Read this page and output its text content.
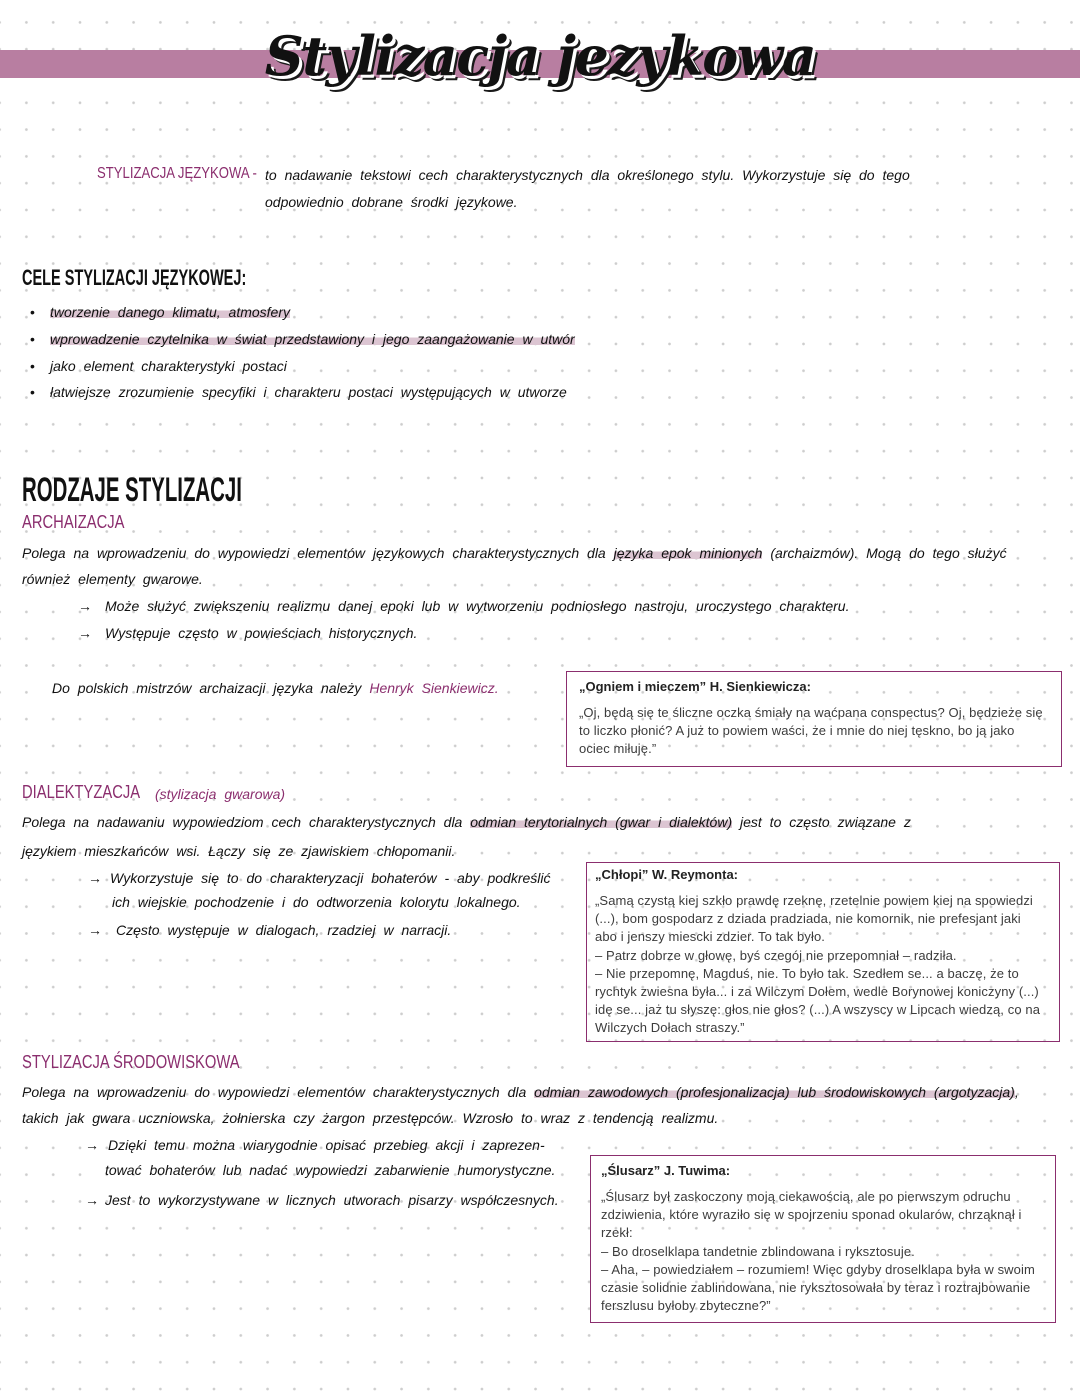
Stylizacja jezykowa
STYLIZACJA JĘZYKOWA - to nadawanie tekstowi cech charakterystycznych dla określonego stylu. Wykorzystuje się do tego
odpowiednio dobrane środki językowe.
CELE STYLIZACJI JĘZYKOWEJ:
• tworzenie danego klimatu, atmosfery
• wprowadzenie czytelnika w świat przedstawiony i jego zaangażowanie w utwór
• jako element charakterystyki postaci
• łatwiejsze zrozumienie specyfiki i charakteru postaci występujących w utworze
RODZAJE STYLIZACJI
ARCHAIZACJA
Polega na wprowadzeniu do wypowiedzi elementów językowych charakterystycznych dla języka epok minionych (archaizmów). Mogą do tego służyć
również elementy gwarowe.
→ Może służyć zwiększeniu realizmu danej epoki lub w wytworzeniu podniosłego nastroju, uroczystego charakteru.
→ Występuje często w powieściach historycznych.
Do polskich mistrzów archaizacji języka należy Henryk Sienkiewicz.	„Ogniem i mieczem” H. Sienkiewicza:
„Oj, będą się te śliczne oczka śmiały na waćpana conspectus? Oj, będzieże się
to liczko płonić? A już to powiem waści, że i mnie do niej tęskno, bo ją jako
ociec miłuję.”
DIALEKTYZACJA (stylizacja gwarowa)
Polega na nadawaniu wypowiedziom cech charakterystycznych dla odmian terytorialnych (gwar i dialektów) jest to często związane z
językiem mieszkańców wsi. Łączy się ze zjawiskiem chłopomanii.
→ Wykorzystuje się to do charakteryzacji bohaterów - aby podkreślić
ich wiejskie pochodzenie i do odtworzenia kolorytu lokalnego.
→ Często występuje w dialogach, rzadziej w narracji.
„Chłopi” W. Reymonta:
„Samą czystą kiej szkło prawdę rzeknę, rzetelnie powiem kiej na spowiedzi
(...), bom gospodarz z dziada pradziada, nie komornik, nie prefesjant jaki
abo i jenszy miescki zdzier. To tak było.
– Patrz dobrze w głowę, byś czegój nie przepomniał – radziła.
– Nie przepomnę, Magduś, nie. To było tak. Szedłem se... a baczę, że to
rychtyk zwiesna była... i za Wilczym Dołem, wedle Borynowej koniczyny (...)
idę se... jaż tu słyszę: głos nie głos? (...) A wszyscy w Lipcach wiedzą, co na
Wilczych Dołach straszy.”
STYLIZACJA ŚRODOWISKOWA
Polega na wprowadzeniu do wypowiedzi elementów charakterystycznych dla odmian zawodowych (profesjonalizacja) lub środowiskowych (argotyzacja),
takich jak gwara uczniowska, żołnierska czy żargon przestępców. Wzrosło to wraz z tendencją realizmu.
→ Dzięki temu można wiarygodnie opisać przebieg akcji i zaprezen-
tować bohaterów lub nadać wypowiedzi zabarwienie humorystyczne.
→ Jest to wykorzystywane w licznych utworach pisarzy współczesnych.
„Ślusarz” J. Tuwima:
„Ślusarz był zaskoczony moją ciekawością, ale po pierwszym odruchu
zdziwienia, które wyraziło się w spojrzeniu sponad okularów, chrząknął i
rzekł:
– Bo droselklapa tandetnie zblindowana i ryksztosuje.
– Aha, – powiedziałem – rozumiem! Więc gdyby droselklapa była w swoim
czasie solidnie zablindowana, nie ryksztosowała by teraz i roztrajbowanie
ferszlusu byłoby zbyteczne?”
